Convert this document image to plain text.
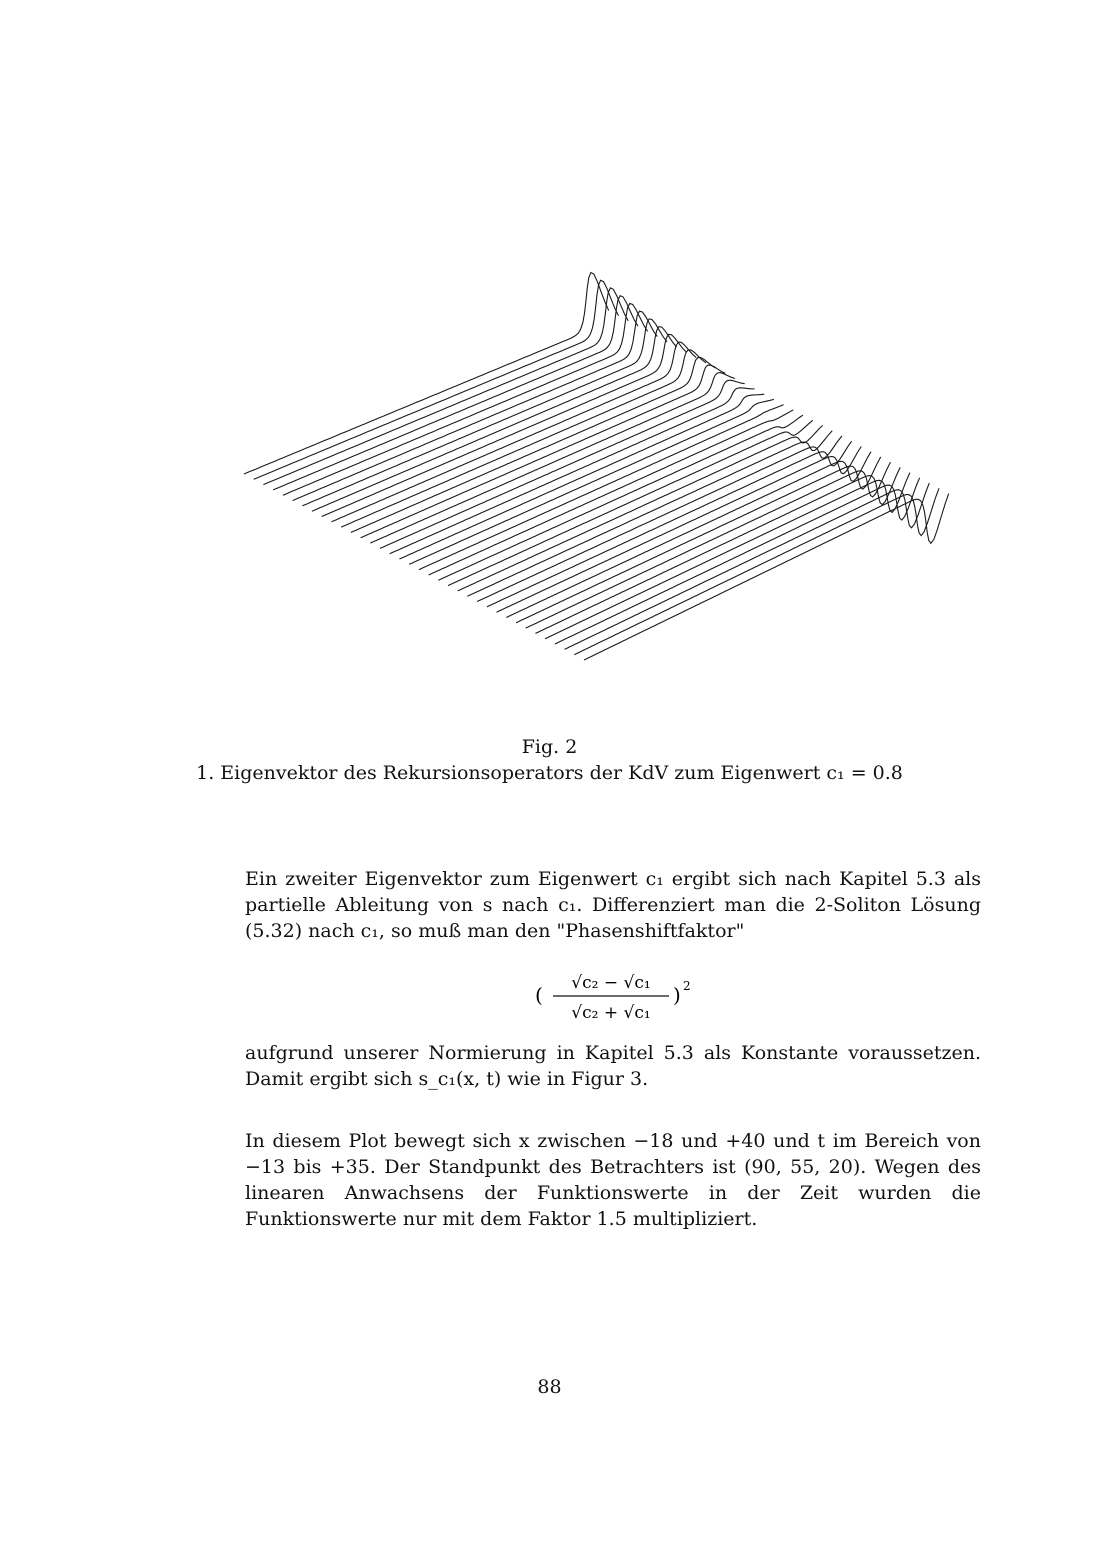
Fig. 2
1. Eigenvektor des Rekursionsoperators der KdV zum Eigenwert c₁ = 0.8

Ein zweiter Eigenvektor zum Eigenwert c₁ ergibt sich nach Kapitel 5.3 als partielle Ableitung von s nach c₁. Differenziert man die 2-Soliton Lösung (5.32) nach c₁, so muß man den "Phasenshiftfaktor"

( √c₂ − √c₁
√c₂ + √c₁
) 2

aufgrund unserer Normierung in Kapitel 5.3 als Konstante voraussetzen. Damit ergibt sich s_c₁(x, t) wie in Figur 3.

In diesem Plot bewegt sich x zwischen −18 und +40 und t im Bereich von −13 bis +35. Der Standpunkt des Betrachters ist (90, 55, 20). Wegen des linearen Anwachsens der Funktionswerte in der Zeit wurden die Funktionswerte nur mit dem Faktor 1.5 multipliziert.

88
